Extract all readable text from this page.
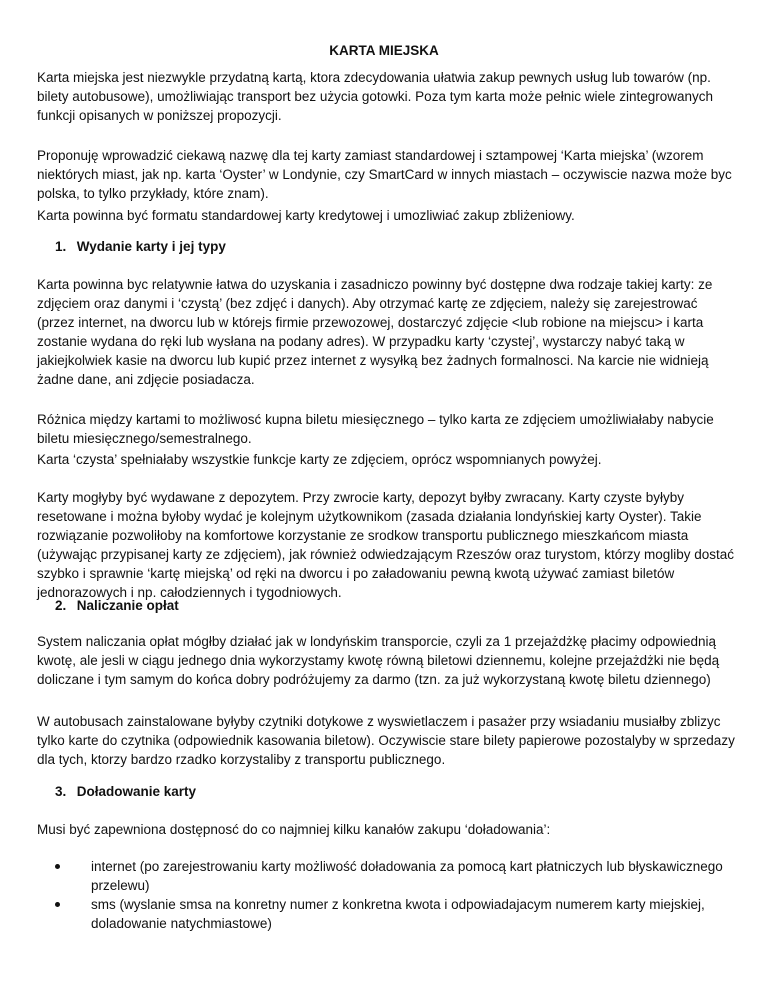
KARTA MIEJSKA

Karta miejska jest niezwykle przydatną kartą, ktora zdecydowania ułatwia zakup pewnych usług lub towarów (np. bilety autobusowe), umożliwiając transport bez użycia gotowki. Poza tym karta może pełnic wiele zintegrowanych funkcji opisanych w poniższej propozycji.

Proponuję wprowadzić ciekawą nazwę dla tej karty zamiast standardowej i sztampowej ‘Karta miejska’ (wzorem niektórych miast, jak np. karta ‘Oyster’ w Londynie, czy SmartCard w innych miastach – oczywiscie nazwa może byc polska, to tylko przykłady, które znam).

Karta powinna być formatu standardowej karty kredytowej i umozliwiać zakup zbliżeniowy.

1. Wydanie karty i jej typy

Karta powinna byc relatywnie łatwa do uzyskania i zasadniczo powinny być dostępne dwa rodzaje takiej karty: ze zdjęciem oraz danymi i ‘czystą’ (bez zdjęć i danych). Aby otrzymać kartę ze zdjęciem, należy się zarejestrować (przez internet, na dworcu lub w którejs firmie przewozowej, dostarczyć zdjęcie <lub robione na miejscu> i karta zostanie wydana do ręki lub wysłana na podany adres). W przypadku karty ‘czystej’, wystarczy nabyć taką w jakiejkolwiek kasie na dworcu lub kupić przez internet z wysyłką bez żadnych formalnosci. Na karcie nie widnieją żadne dane, ani zdjęcie posiadacza.

Różnica między kartami to możliwosć kupna biletu miesięcznego – tylko karta ze zdjęciem umożliwiałaby nabycie biletu miesięcznego/semestralnego.

Karta ‘czysta’ spełniałaby wszystkie funkcje karty ze zdjęciem, oprócz wspomnianych powyżej.

Karty mogłyby być wydawane z depozytem. Przy zwrocie karty, depozyt byłby zwracany. Karty czyste byłyby resetowane i można byłoby wydać je kolejnym użytkownikom (zasada działania londyńskiej karty Oyster). Takie rozwiązanie pozwoliłoby na komfortowe korzystanie ze srodkow transportu publicznego mieszkańcom miasta (używając przypisanej karty ze zdjęciem), jak również odwiedzającym Rzeszów oraz turystom, którzy mogliby dostać szybko i sprawnie ‘kartę miejską’ od ręki na dworcu i po załadowaniu pewną kwotą używać zamiast biletów jednorazowych i np. całodziennych i tygodniowych.

2. Naliczanie opłat

System naliczania opłat mógłby działać jak w londyńskim transporcie, czyli za 1 przejażdżkę płacimy odpowiednią kwotę, ale jesli w ciągu jednego dnia wykorzystamy kwotę równą biletowi dziennemu, kolejne przejażdżki nie będą doliczane i tym samym do końca dobry podróżujemy za darmo (tzn. za już wykorzystaną kwotę biletu dziennego)

W autobusach zainstalowane byłyby czytniki dotykowe z wyswietlaczem i pasażer przy wsiadaniu musiałby zblizyc tylko karte do czytnika (odpowiednik kasowania biletow). Oczywiscie stare bilety papierowe pozostalyby w sprzedazy dla tych, ktorzy bardzo rzadko korzystaliby z transportu publicznego.

3. Doładowanie karty

Musi być zapewniona dostępnosć do co najmniej kilku kanałów zakupu ‘doładowania’:

internet (po zarejestrowaniu karty możliwość doładowania za pomocą kart płatniczych lub błyskawicznego przelewu)
sms (wyslanie smsa na konretny numer z konkretna kwota i odpowiadajacym numerem karty miejskiej, doladowanie natychmiastowe)
